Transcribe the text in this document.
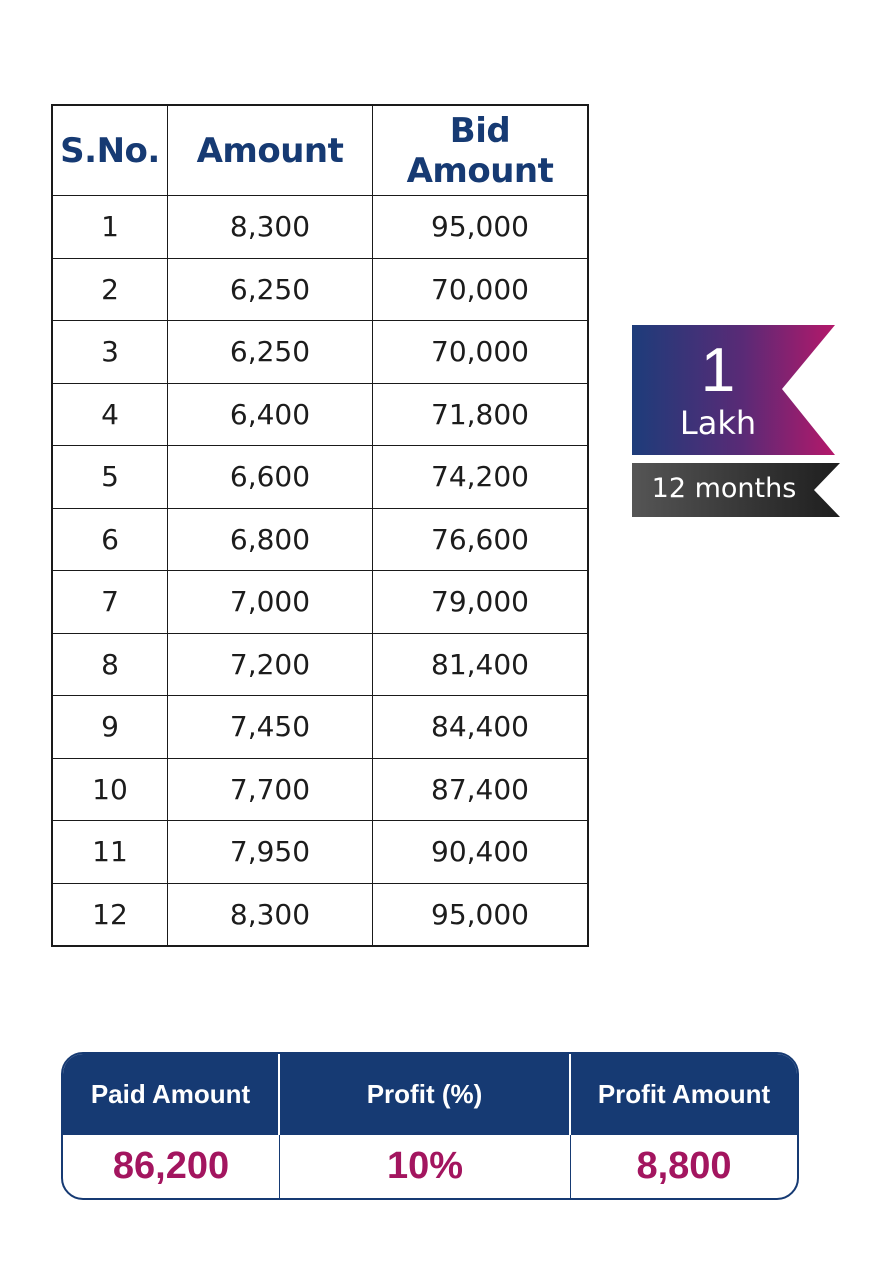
S.No.	Amount	Bid Amount
1	8,300	95,000
2	6,250	70,000
3	6,250	70,000
4	6,400	71,800
5	6,600	74,200
6	6,800	76,600
7	7,000	79,000
8	7,200	81,400
9	7,450	84,400
10	7,700	87,400
11	7,950	90,400
12	8,300	95,000
1
Lakh
12 months
Paid Amount	Profit (%)	Profit Amount
86,200	10%	8,800
